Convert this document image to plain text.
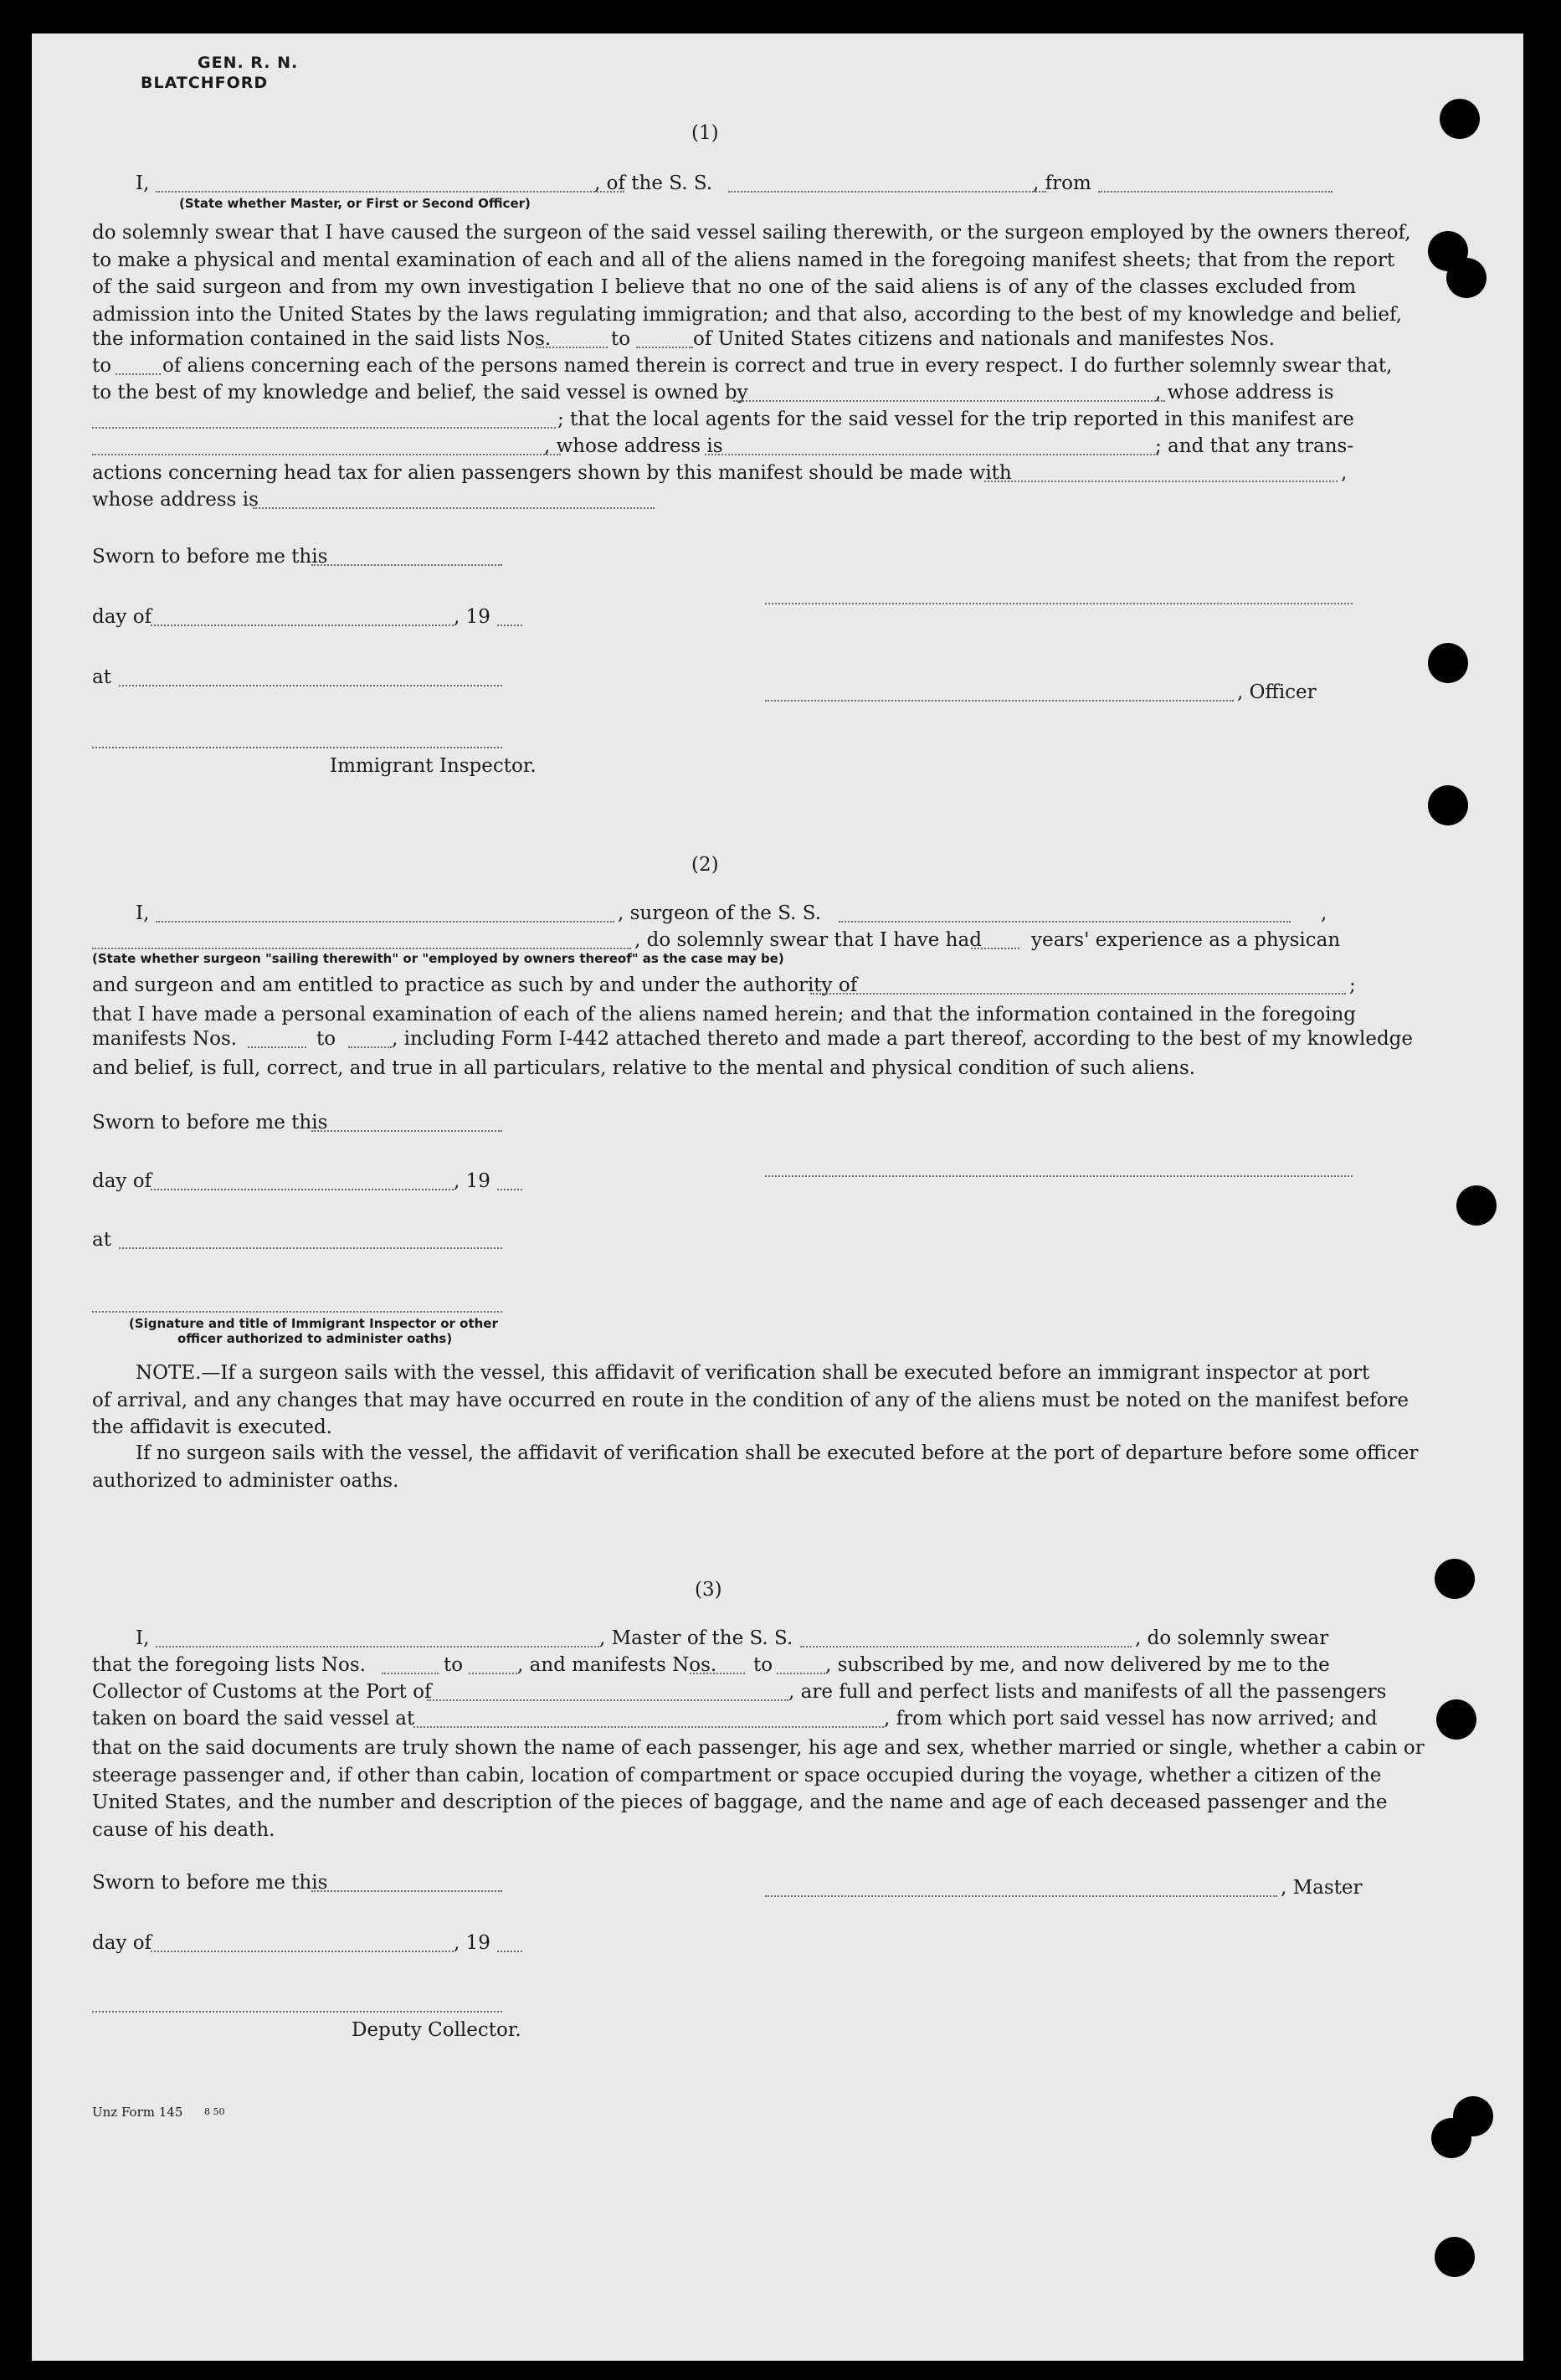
GEN. R. N.
BLATCHFORD
(1)
I,	, of the S. S.	, from
(State whether Master, or First or Second Officer)

do solemnly swear that I have caused the surgeon of the said vessel sailing therewith, or the surgeon employed by the owners thereof,

to make a physical and mental examination of each and all of the aliens named in the foregoing manifest sheets; that from the report

of the said surgeon and from my own investigation I believe that no one of the said aliens is of any of the classes excluded from

admission into the United States by the laws regulating immigration; and that also, according to the best of my knowledge and belief,

the information contained in the said lists Nos.	to	of United States citizens and nationals and manifestes Nos.
to	of aliens concerning each of the persons named therein is correct and true in every respect. I do further solemnly swear that,
to the best of my knowledge and belief, the said vessel is owned by	, whose address is
; that the local agents for the said vessel for the trip reported in this manifest are
, whose address is	; and that any trans-
actions concerning head tax for alien passengers shown by this manifest should be made with	,
whose address is
Sworn to before me this
day of	, 19
at
, Officer
Immigrant Inspector.
(2)
I,	, surgeon of the S. S.	,
, do solemnly swear that I have had	years' experience as a physican
(State whether surgeon "sailing therewith" or "employed by owners thereof" as the case may be)
and surgeon and am entitled to practice as such by and under the authority of	;

that I have made a personal examination of each of the aliens named herein; and that the information contained in the foregoing

manifests Nos.	to	, including Form I-442 attached thereto and made a part thereof, according to the best of my knowledge

and belief, is full, correct, and true in all particulars, relative to the mental and physical condition of such aliens.

Sworn to before me this
day of	, 19
at
(Signature and title of Immigrant Inspector or other
officer authorized to administer oaths)

NOTE.—If a surgeon sails with the vessel, this affidavit of verification shall be executed before an immigrant inspector at port

of arrival, and any changes that may have occurred en route in the condition of any of the aliens must be noted on the manifest before

the affidavit is executed.

If no surgeon sails with the vessel, the affidavit of verification shall be executed before at the port of departure before some officer

authorized to administer oaths.

(3)
I,	, Master of the S. S.	, do solemnly swear
that the foregoing lists Nos.	to	, and manifests Nos. to	, subscribed by me, and now delivered by me to the
Collector of Customs at the Port of	, are full and perfect lists and manifests of all the passengers
taken on board the said vessel at	, from which port said vessel has now arrived; and

that on the said documents are truly shown the name of each passenger, his age and sex, whether married or single, whether a cabin or

steerage passenger and, if other than cabin, location of compartment or space occupied during the voyage, whether a citizen of the

United States, and the number and description of the pieces of baggage, and the name and age of each deceased passenger and the

cause of his death.

Sworn to before me this	, Master
day of	, 19
Deputy Collector.
Unz Form 145 8 50
